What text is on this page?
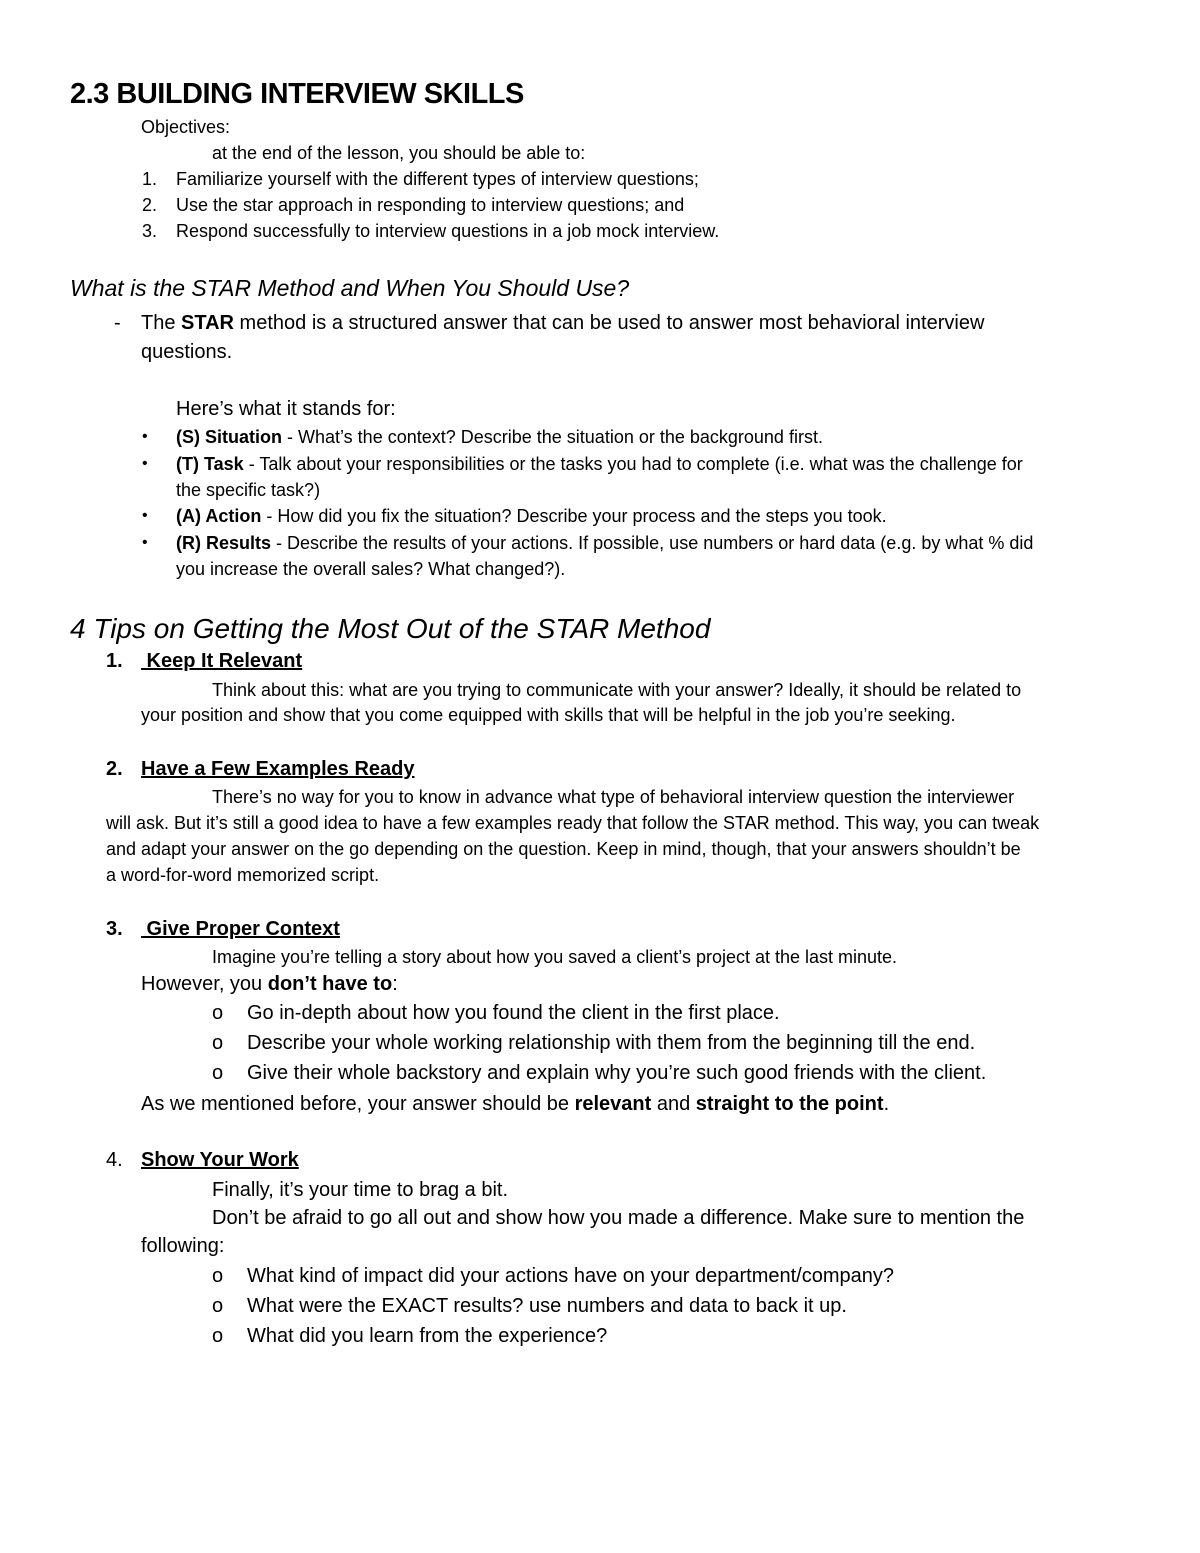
2.3 BUILDING INTERVIEW SKILLS
Objectives:
at the end of the lesson, you should be able to:
1. Familiarize yourself with the different types of interview questions;
2. Use the star approach in responding to interview questions; and
3. Respond successfully to interview questions in a job mock interview.
What is the STAR Method and When You Should Use?
- The STAR method is a structured answer that can be used to answer most behavioral interview
questions.
Here’s what it stands for:
• (S) Situation - What’s the context? Describe the situation or the background first.
• (T) Task - Talk about your responsibilities or the tasks you had to complete (i.e. what was the challenge for
the specific task?)
• (A) Action - How did you fix the situation? Describe your process and the steps you took.
• (R) Results - Describe the results of your actions. If possible, use numbers or hard data (e.g. by what % did
you increase the overall sales? What changed?).
4 Tips on Getting the Most Out of the STAR Method
1. Keep It Relevant
Think about this: what are you trying to communicate with your answer? Ideally, it should be related to
your position and show that you come equipped with skills that will be helpful in the job you’re seeking.
2. Have a Few Examples Ready
There’s no way for you to know in advance what type of behavioral interview question the interviewer
will ask. But it’s still a good idea to have a few examples ready that follow the STAR method. This way, you can tweak
and adapt your answer on the go depending on the question. Keep in mind, though, that your answers shouldn’t be
a word-for-word memorized script.
3. Give Proper Context
Imagine you’re telling a story about how you saved a client’s project at the last minute.
However, you don’t have to:
o Go in-depth about how you found the client in the first place.
o Describe your whole working relationship with them from the beginning till the end.
o Give their whole backstory and explain why you’re such good friends with the client.
As we mentioned before, your answer should be relevant and straight to the point.
4. Show Your Work
Finally, it’s your time to brag a bit.
Don’t be afraid to go all out and show how you made a difference. Make sure to mention the
following:
o What kind of impact did your actions have on your department/company?
o What were the EXACT results? use numbers and data to back it up.
o What did you learn from the experience?
